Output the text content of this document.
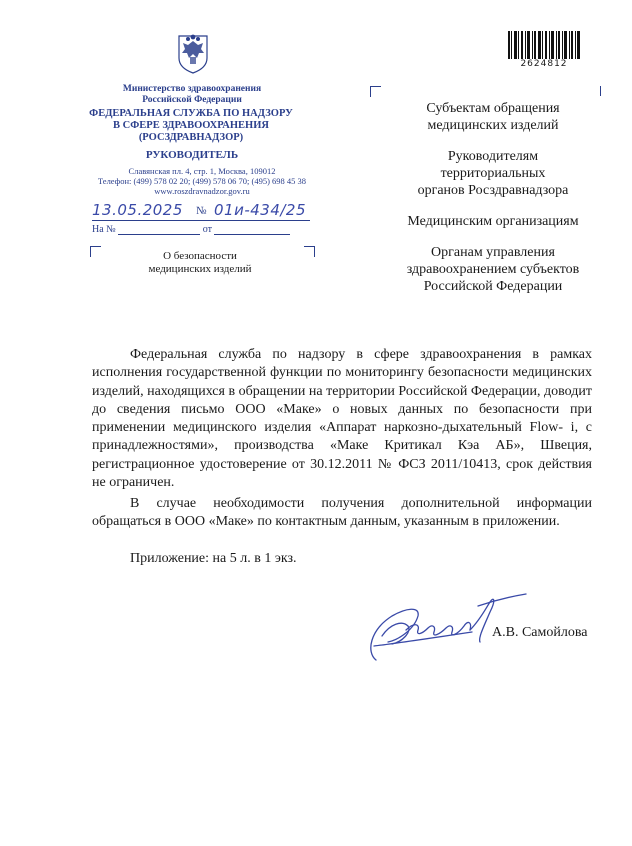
Министерство здравоохранения
Российской Федерации
ФЕДЕРАЛЬНАЯ СЛУЖБА ПО НАДЗОРУ
В СФЕРЕ ЗДРАВООХРАНЕНИЯ
(РОСЗДРАВНАДЗОР)
РУКОВОДИТЕЛЬ
Славянская пл. 4, стр. 1, Москва, 109012
Телефон: (499) 578 02 20; (499) 578 06 70; (495) 698 45 38
www.roszdravnadzor.gov.ru
13.05.2025 № 01и-434/25
На №	от
О безопасности
медицинских изделий
2624812
Субъектам обращения
медицинских изделий
Руководителям
территориальных
органов Росздравнадзора
Медицинским организациям
Органам управления
здравоохранением субъектов
Российской Федерации

Федеральная служба по надзору в сфере здравоохранения в рамках исполнения государственной функции по мониторингу безопасности медицинских изделий, находящихся в обращении на территории Российской Федерации, доводит до сведения письмо ООО «Маке» о новых данных по безопасности при применении медицинского изделия «Аппарат наркозно-дыхательный Flow- i, с принадлежностями», производства «Маке Критикал Кэа АБ», Швеция, регистрационное удостоверение от 30.12.2011 № ФСЗ 2011/10413, срок действия не ограничен.

В случае необходимости получения дополнительной информации обращаться в ООО «Маке» по контактным данным, указанным в приложении.

Приложение: на 5 л. в 1 экз.
А.В. Самойлова
